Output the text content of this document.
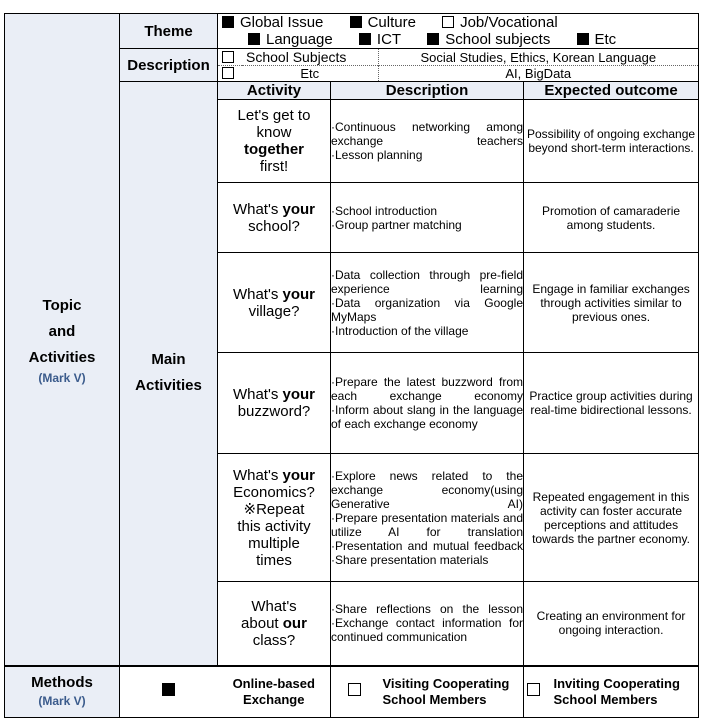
Topic
and
Activities
(Mark V)
	Theme	Global Issue	Culture	Job/Vocational
Language	ICT	School subjects	Etc

Description	
		School Subjects	Social Studies, Ethics, Korean Language
	Etc	AI, BigData

Main
Activities
	Activity	Description	Expected outcome

Let's get to
know
together
first!

·Continuous networking among exchange teachers
·Lesson planning
	Possibility of ongoing exchange beyond short-term interactions.

What's your
school?

·School introduction
·Group partner matching
	Promotion of camaraderie among students.

What's your
village?

·Data collection through pre-field experience learning
·Data organization via Google MyMaps
·Introduction of the village
	Engage in familiar exchanges through activities similar to previous ones.

What's your
buzzword?

·Prepare the latest buzzword from each exchange economy
·Inform about slang in the language of each exchange economy
	Practice group activities during real-time bidirectional lessons.

What's your
Economics?
※Repeat
this activity
multiple
times

·Explore news related to the exchange economy(using Generative AI)
·Prepare presentation materials and utilize AI for translation
·Presentation and mutual feedback
·Share presentation materials
	Repeated engagement in this activity can foster accurate perceptions and attitudes towards the partner economy.

What's
about our
class?

·Share reflections on the lesson
·Exchange contact information for continued communication
	Creating an environment for ongoing interaction.

Methods
(Mark V)
		Online-based Exchange		Visiting Cooperating School Members		Inviting Cooperating School Members
